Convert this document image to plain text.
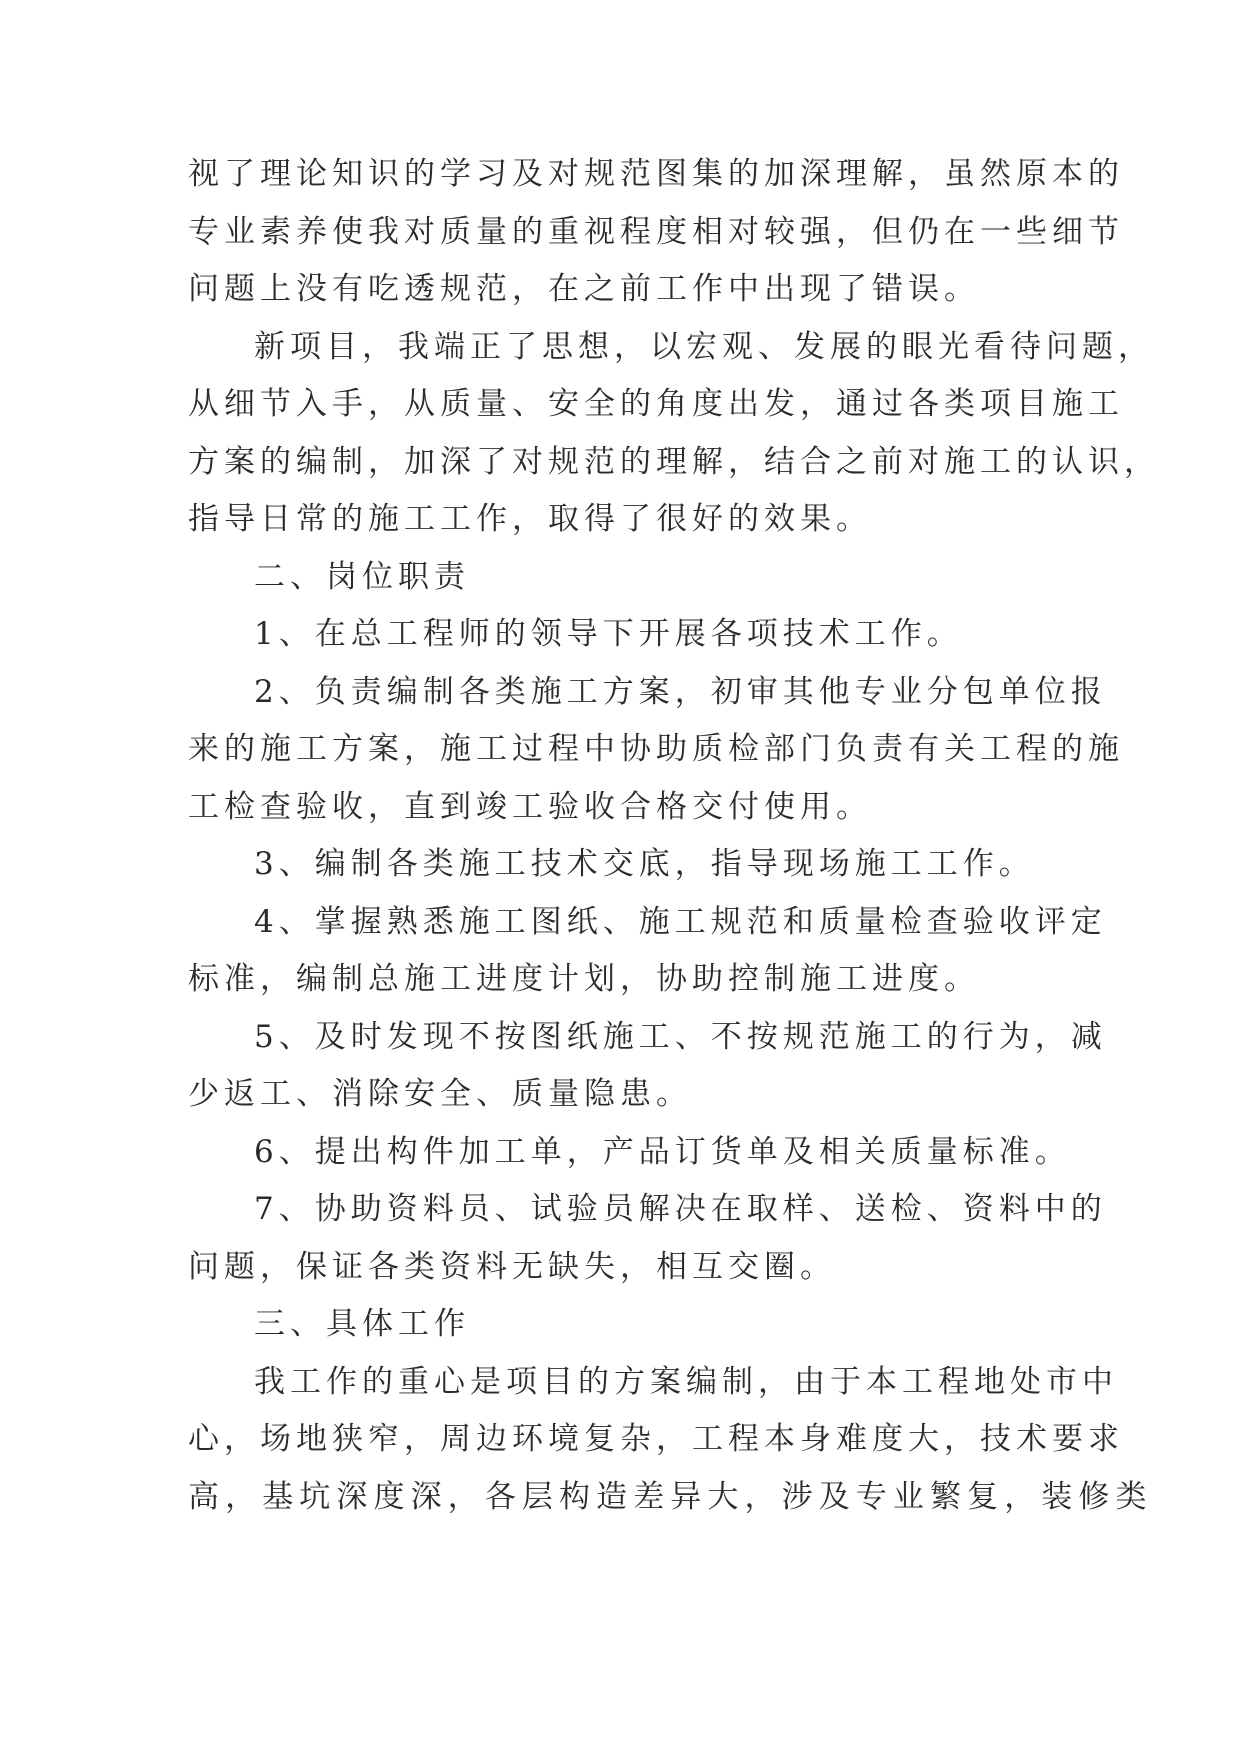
视了理论知识的学习及对规范图集的加深理解，虽然原本的
专业素养使我对质量的重视程度相对较强，但仍在一些细节
问题上没有吃透规范，在之前工作中出现了错误。
新项目，我端正了思想，以宏观、发展的眼光看待问题，
从细节入手，从质量、安全的角度出发，通过各类项目施工
方案的编制，加深了对规范的理解，结合之前对施工的认识，
指导日常的施工工作，取得了很好的效果。
二、岗位职责
1、在总工程师的领导下开展各项技术工作。
2、负责编制各类施工方案，初审其他专业分包单位报
来的施工方案，施工过程中协助质检部门负责有关工程的施
工检查验收，直到竣工验收合格交付使用。
3、编制各类施工技术交底，指导现场施工工作。
4、掌握熟悉施工图纸、施工规范和质量检查验收评定
标准，编制总施工进度计划，协助控制施工进度。
5、及时发现不按图纸施工、不按规范施工的行为，减
少返工、消除安全、质量隐患。
6、提出构件加工单，产品订货单及相关质量标准。
7、协助资料员、试验员解决在取样、送检、资料中的
问题，保证各类资料无缺失，相互交圈。
三、具体工作
我工作的重心是项目的方案编制，由于本工程地处市中
心，场地狭窄，周边环境复杂，工程本身难度大，技术要求
高，基坑深度深，各层构造差异大，涉及专业繁复，装修类
